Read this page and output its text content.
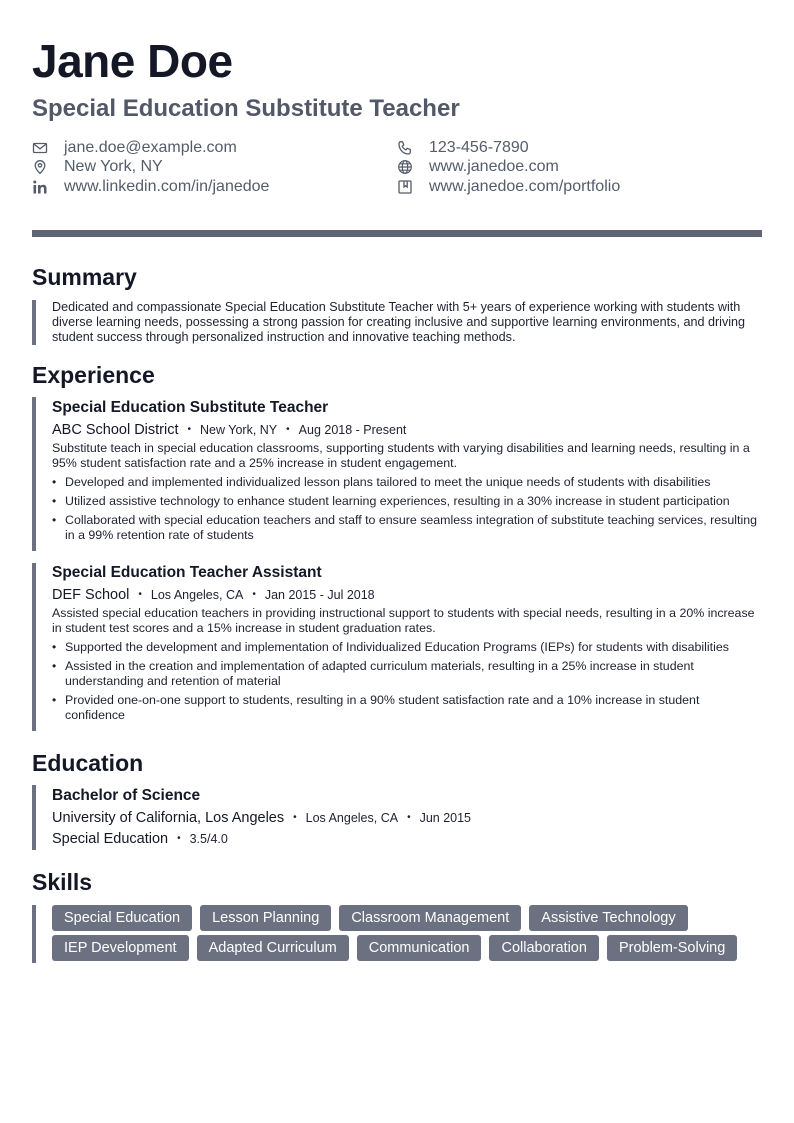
Jane Doe
Special Education Substitute Teacher
jane.doe@example.com	123-456-7890
New York, NY	www.janedoe.com
www.linkedin.com/in/janedoe	www.janedoe.com/portfolio
Summary

Dedicated and compassionate Special Education Substitute Teacher with 5+ years of experience working with students with diverse learning needs, possessing a strong passion for creating inclusive and supportive learning environments, and driving student success through personalized instruction and innovative teaching methods.

Experience
Special Education Substitute Teacher
ABC School District • New York, NY • Aug 2018 - Present

Substitute teach in special education classrooms, supporting students with varying disabilities and learning needs, resulting in a 95% student satisfaction rate and a 25% increase in student engagement.

• Developed and implemented individualized lesson plans tailored to meet the unique needs of students with disabilities
• Utilized assistive technology to enhance student learning experiences, resulting in a 30% increase in student participation
• Collaborated with special education teachers and staff to ensure seamless integration of substitute teaching services, resulting in a 99% retention rate of students
Special Education Teacher Assistant
DEF School • Los Angeles, CA • Jan 2015 - Jul 2018

Assisted special education teachers in providing instructional support to students with special needs, resulting in a 20% increase in student test scores and a 15% increase in student graduation rates.

• Supported the development and implementation of Individualized Education Programs (IEPs) for students with disabilities
• Assisted in the creation and implementation of adapted curriculum materials, resulting in a 25% increase in student understanding and retention of material
• Provided one-on-one support to students, resulting in a 90% student satisfaction rate and a 10% increase in student confidence
Education
Bachelor of Science
University of California, Los Angeles • Los Angeles, CA • Jun 2015
Special Education • 3.5/4.0
Skills
Special Education	Lesson Planning	Classroom Management	Assistive Technology
IEP Development	Adapted Curriculum	Communication	Collaboration	Problem-Solving
